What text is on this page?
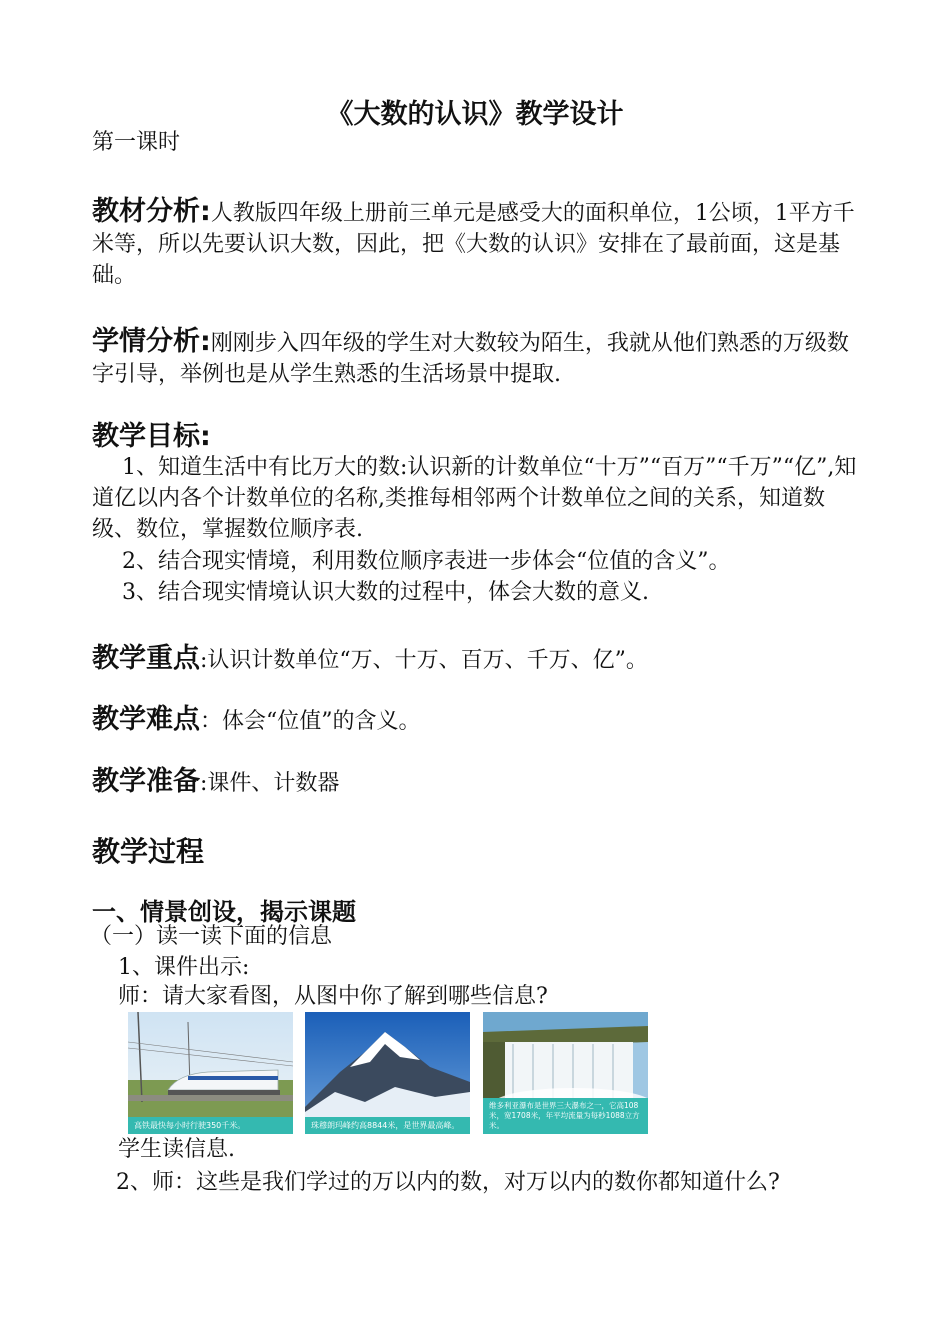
《大数的认识》教学设计
第一课时
教材分析:人教版四年级上册前三单元是感受大的面积单位，1公顷，1平方千米等，所以先要认识大数，因此，把《大数的认识》安排在了最前面，这是基础。
学情分析:刚刚步入四年级的学生对大数较为陌生，我就从他们熟悉的万级数字引导，举例也是从学生熟悉的生活场景中提取.
教学目标:
1、知道生活中有比万大的数:认识新的计数单位“十万”“百万”“千万”“亿”,知道亿以内各个计数单位的名称,类推每相邻两个计数单位之间的关系，知道数级、数位，掌握数位顺序表.
2、结合现实情境，利用数位顺序表进一步体会“位值的含义”。
3、结合现实情境认识大数的过程中，体会大数的意义.
教学重点:认识计数单位“万、十万、百万、千万、亿”。
教学难点：体会“位值”的含义。
教学准备:课件、计数器
教学过程
一、情景创设，揭示课题
（一）读一读下面的信息
1、课件出示:
师：请大家看图，从图中你了解到哪些信息?
高铁最快每小时行驶350千米。	珠穆朗玛峰约高8844米，是世界最高峰。
维多利亚瀑布是世界三大瀑布之一，它高108米，宽1708米，年平均流量为每秒1088立方米。
学生读信息.
2、师：这些是我们学过的万以内的数，对万以内的数你都知道什么?
